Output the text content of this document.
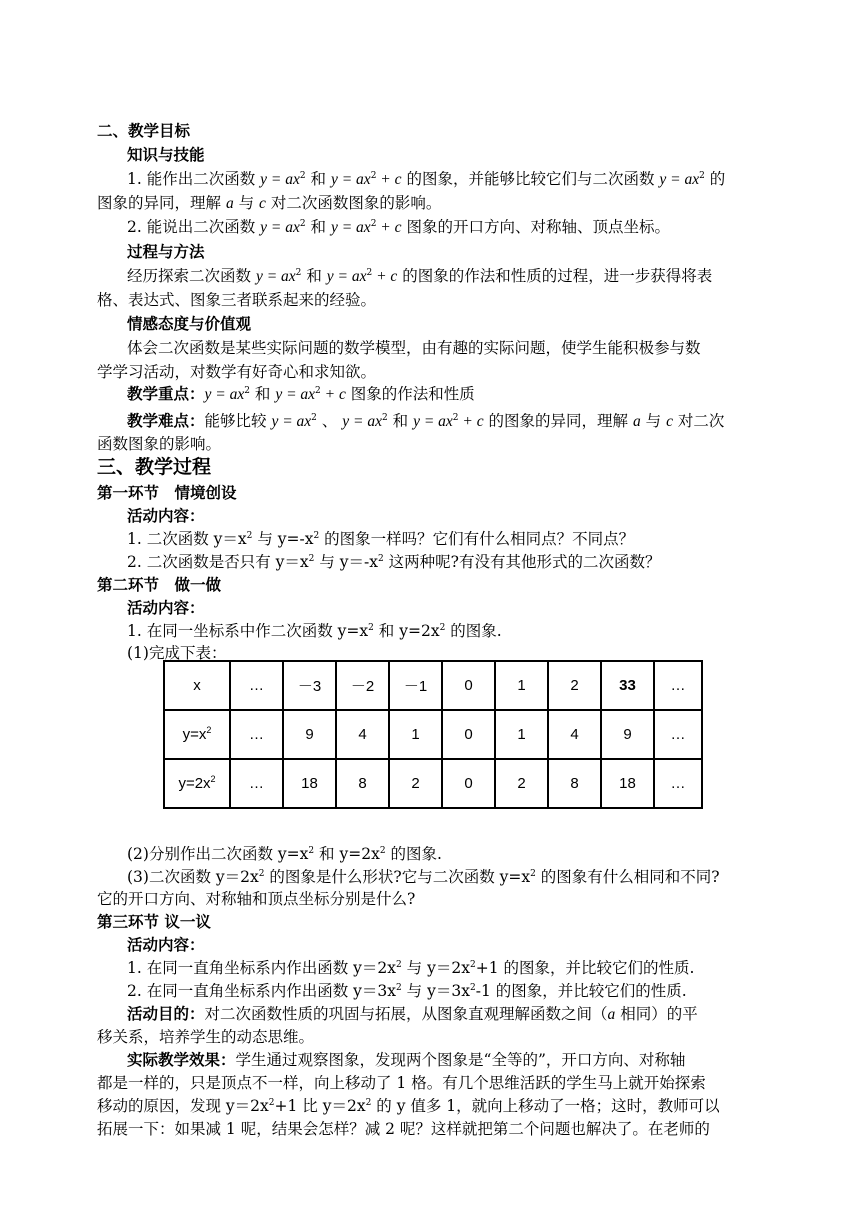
二、教学目标
知识与技能
1. 能作出二次函数 $y = ax^2$ 和 $y = ax^2 + c$ 的图象，并能够比较它们与二次函数 $y = ax^2$ 的
图象的异同，理解 a 与 c 对二次函数图象的影响。
2. 能说出二次函数 $y = ax^2$ 和 $y = ax^2 + c$ 图象的开口方向、对称轴、顶点坐标。
过程与方法
经历探索二次函数 $y = ax^2$ 和 $y = ax^2 + c$ 的图象的作法和性质的过程，进一步获得将表
格、表达式、图象三者联系起来的经验。
情感态度与价值观
体会二次函数是某些实际问题的数学模型，由有趣的实际问题，使学生能积极参与数
学学习活动，对数学有好奇心和求知欲。
教学重点：$y = ax^2$ 和 $y = ax^2 + c$ 图象的作法和性质
教学难点：能够比较 $y = ax^2$ 、 $y = ax^2$ 和 $y = ax^2 + c$ 的图象的异同，理解 a 与 c 对二次
函数图象的影响。
三、教学过程
第一环节　情境创设
活动内容：
1. 二次函数 $y=x^2$ 与 $y=-x^2$ 的图象一样吗？它们有什么相同点？不同点？
2. 二次函数是否只有 $y=x^2$ 与 $y=-x^2$ 这两种呢?有没有其他形式的二次函数？
第二环节　做一做
活动内容：
1. 在同一坐标系中作二次函数 $y=x^2$ 和 $y=2x^2$ 的图象.
(1)完成下表：
x	…	－3	－2	－1	0	1	2	33	…
$y=x^2$	…	9	4	1	0	1	4	9	…
$y=2x^2$	…	18	8	2	0	2	8	18	…
(2)分别作出二次函数 $y=x^2$ 和 $y=2x^2$ 的图象.
(3)二次函数 $y=2x^2$ 的图象是什么形状?它与二次函数 $y=x^2$ 的图象有什么相同和不同?
它的开口方向、对称轴和顶点坐标分别是什么?
第三环节 议一议
活动内容：
1. 在同一直角坐标系内作出函数 $y=2x^2$ 与 $y=2x^2+1$ 的图象，并比较它们的性质.
2. 在同一直角坐标系内作出函数 $y=3x^2$ 与 $y=3x^2-1$ 的图象，并比较它们的性质.
活动目的：对二次函数性质的巩固与拓展，从图象直观理解函数之间（a 相同）的平
移关系，培养学生的动态思维。
实际教学效果：学生通过观察图象，发现两个图象是“全等的”，开口方向、对称轴
都是一样的，只是顶点不一样，向上移动了 1 格。有几个思维活跃的学生马上就开始探索
移动的原因，发现 $y=2x^2+1$ 比 $y=2x^2$ 的 y 值多 1，就向上移动了一格；这时，教师可以
拓展一下：如果减 1 呢，结果会怎样？减 2 呢？这样就把第二个问题也解决了。在老师的
